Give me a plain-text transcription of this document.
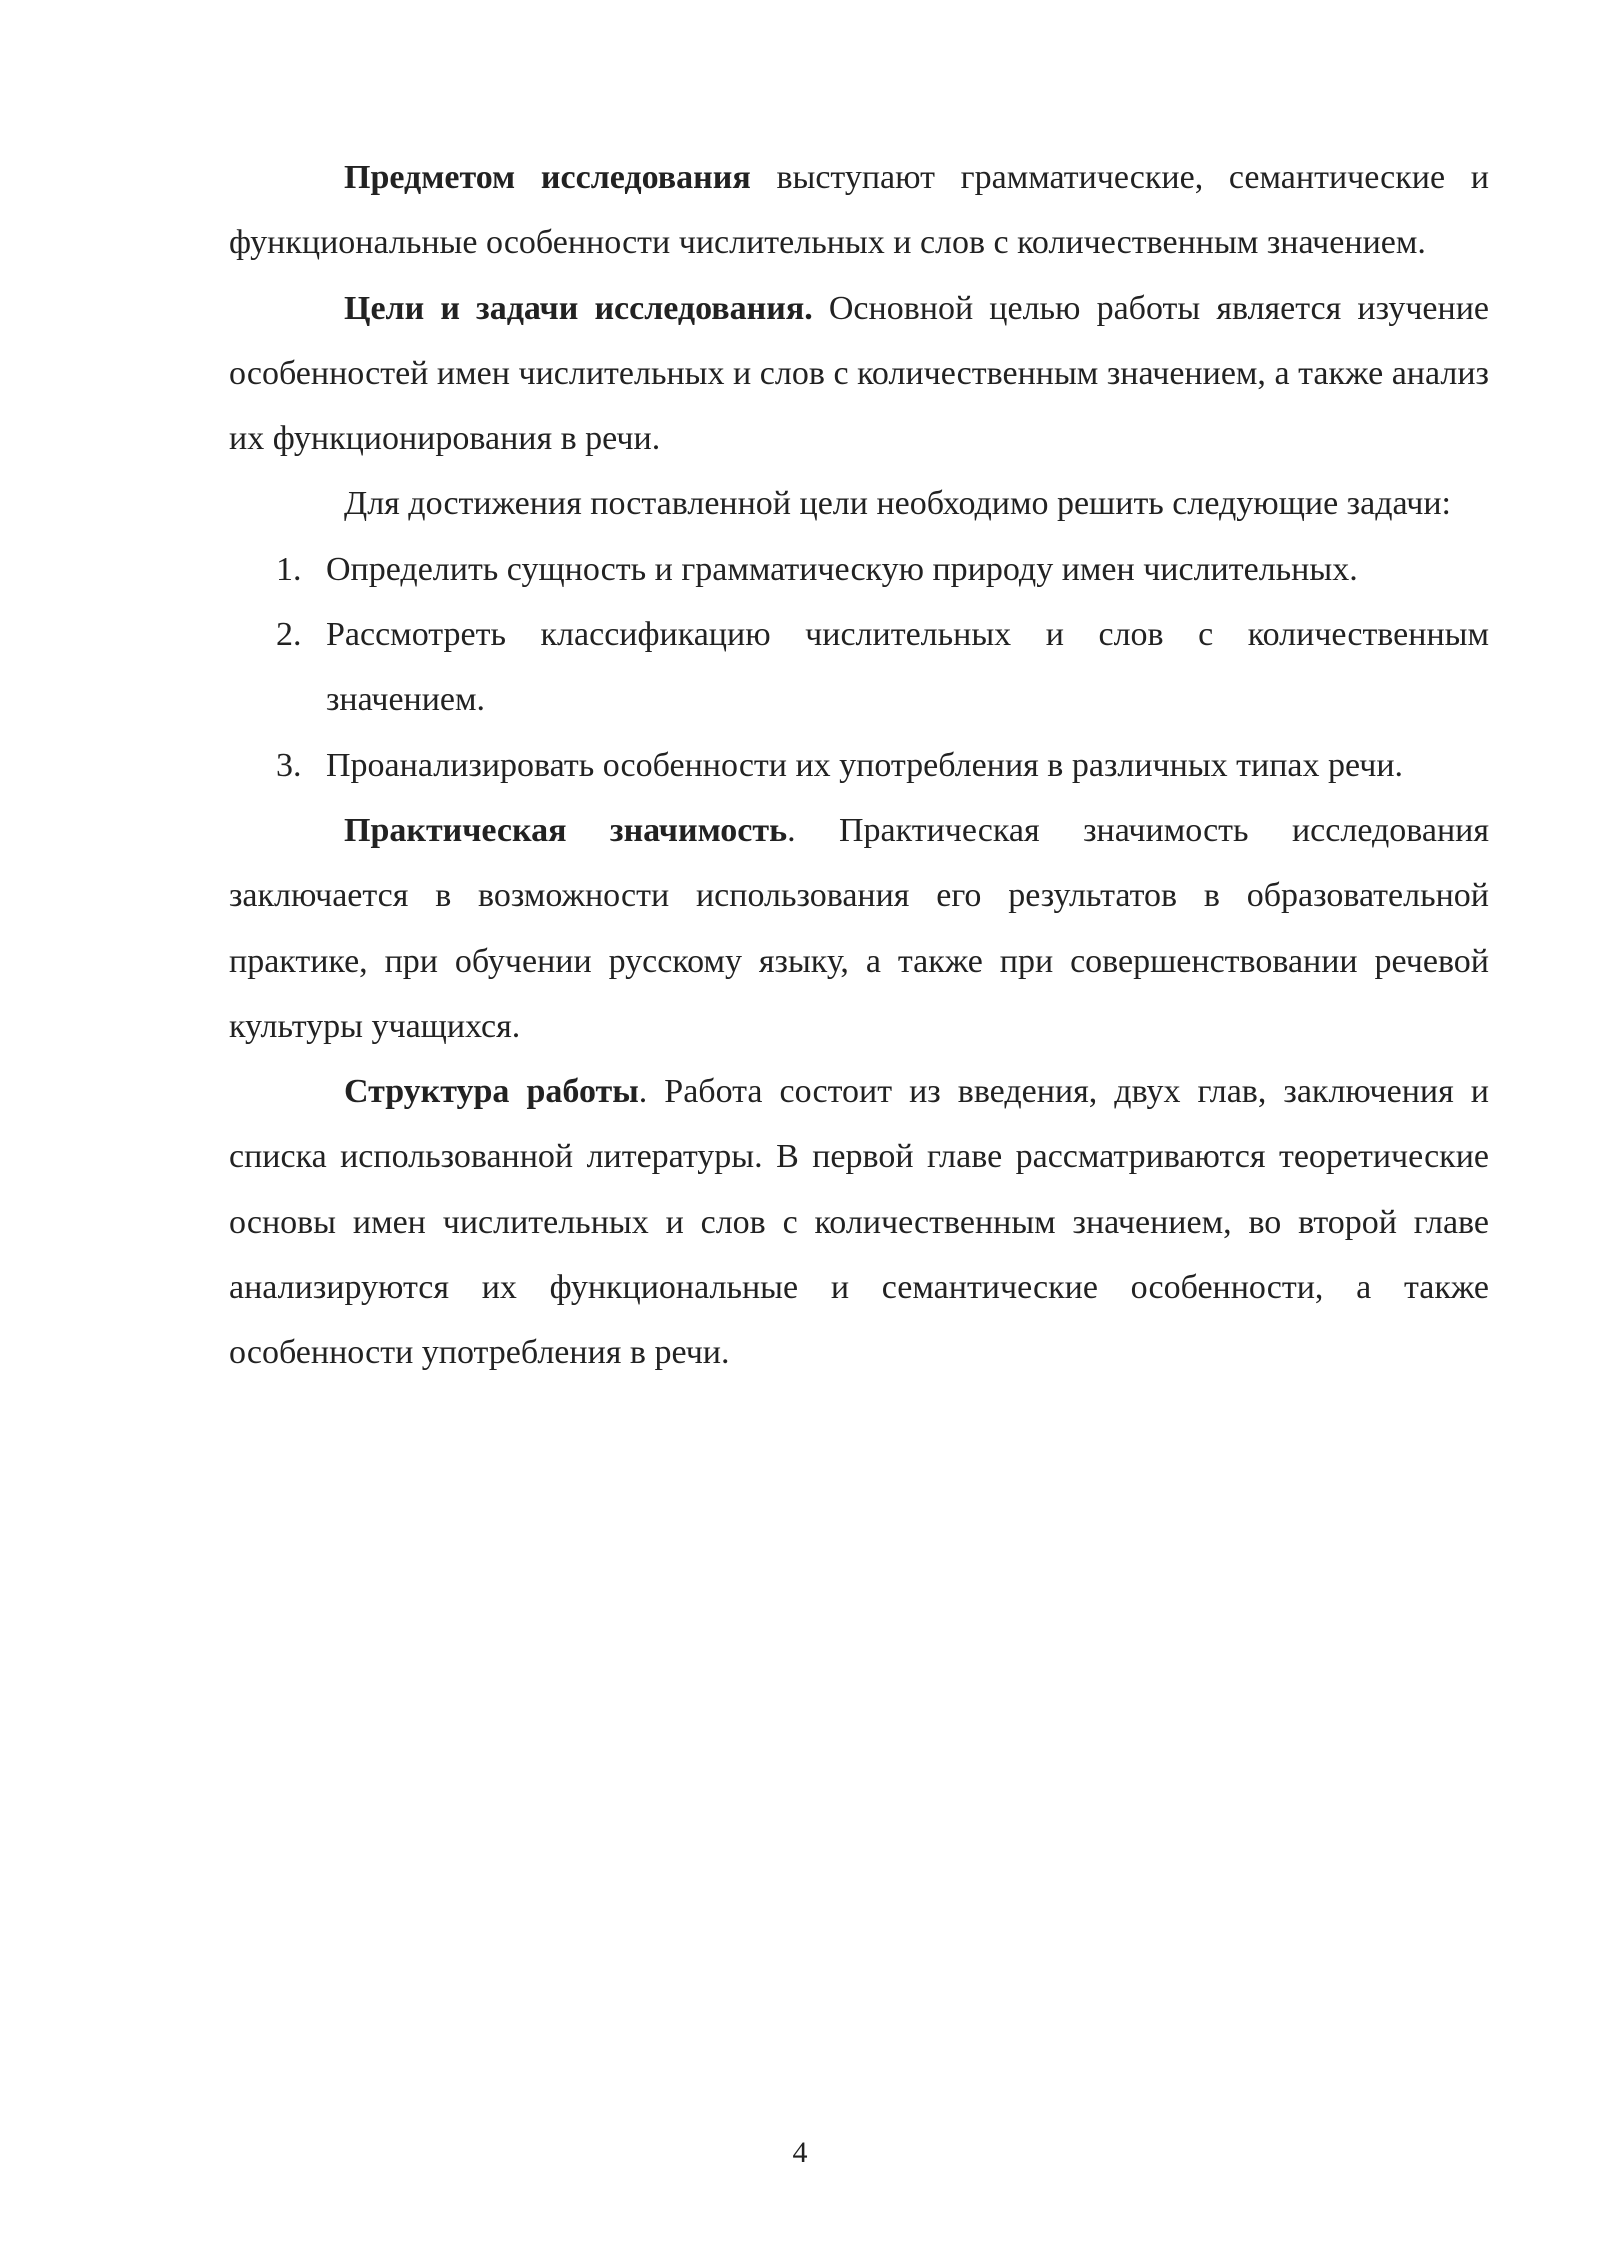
Предметом исследования выступают грамматические, семантические и функциональные особенности числительных и слов с количественным значением.

Цели и задачи исследования. Основной целью работы является изучение особенностей имен числительных и слов с количественным значением, а также анализ их функционирования в речи.

Для достижения поставленной цели необходимо решить следующие задачи:

1. Определить сущность и грамматическую природу имен числительных.
2. Рассмотреть классификацию числительных и слов с количественным значением.
3. Проанализировать особенности их употребления в различных типах речи.

Практическая значимость. Практическая значимость исследования заключается в возможности использования его результатов в образовательной практике, при обучении русскому языку, а также при совершенствовании речевой культуры учащихся.

Структура работы. Работа состоит из введения, двух глав, заключения и списка использованной литературы. В первой главе рассматриваются теоретические основы имен числительных и слов с количественным значением, во второй главе анализируются их функциональные и семантические особенности, а также особенности употребления в речи.

4
